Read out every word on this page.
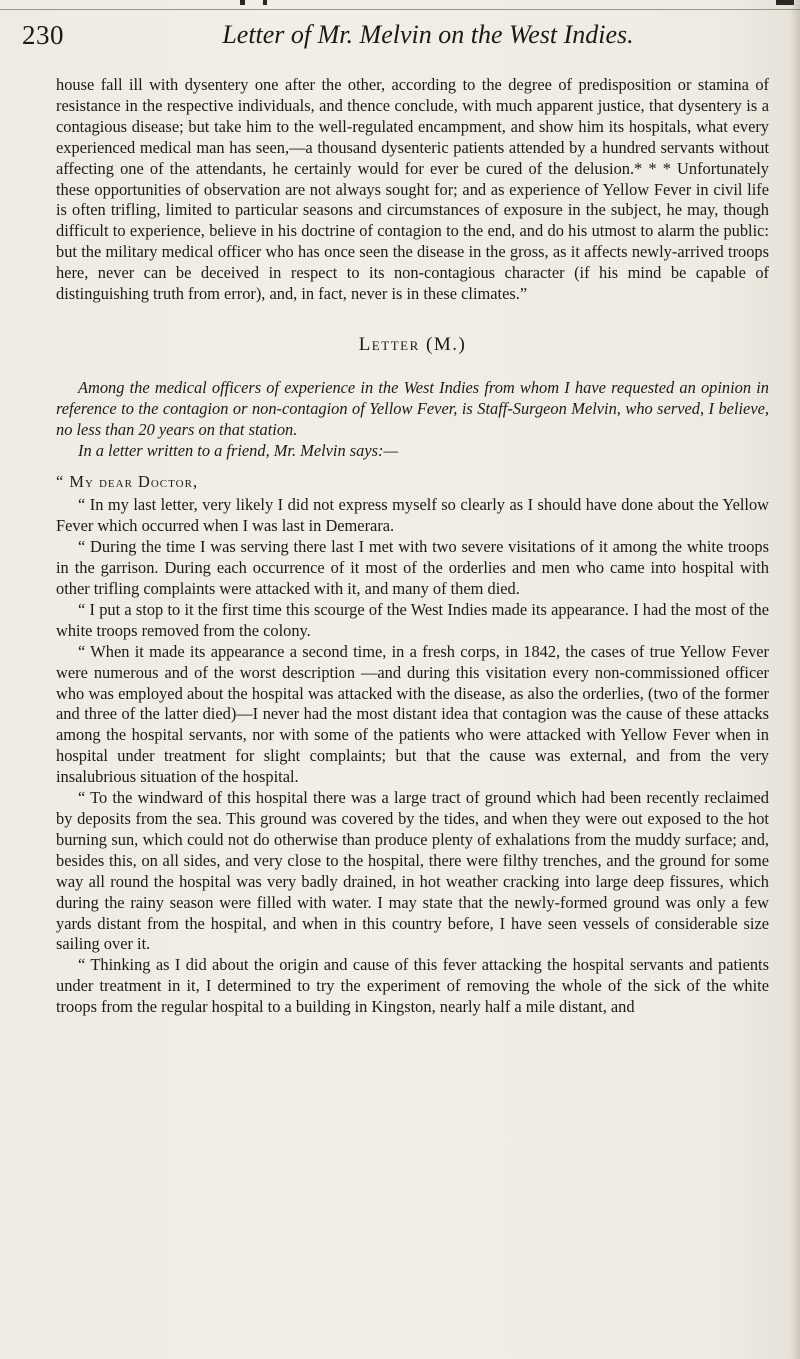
230	Letter of Mr. Melvin on the West Indies.

house fall ill with dysentery one after the other, according to the degree of predisposition or stamina of resistance in the respective individuals, and thence conclude, with much apparent justice, that dysentery is a contagious disease; but take him to the well-regulated encampment, and show him its hospitals, what every experienced medical man has seen,—a thousand dysenteric patients attended by a hundred servants without affecting one of the attendants, he certainly would for ever be cured of the delusion.* * * Unfortunately these opportunities of observation are not always sought for; and as experience of Yellow Fever in civil life is often trifling, limited to particular seasons and circumstances of exposure in the subject, he may, though difficult to experience, believe in his doctrine of contagion to the end, and do his utmost to alarm the public: but the military medical officer who has once seen the disease in the gross, as it affects newly-arrived troops here, never can be deceived in respect to its non-contagious character (if his mind be capable of distinguishing truth from error), and, in fact, never is in these climates.”

Letter (M.)

Among the medical officers of experience in the West Indies from whom I have requested an opinion in reference to the contagion or non-contagion of Yellow Fever, is Staff-Surgeon Melvin, who served, I believe, no less than 20 years on that station.

In a letter written to a friend, Mr. Melvin says:—

“ My dear Doctor,

“ In my last letter, very likely I did not express myself so clearly as I should have done about the Yellow Fever which occurred when I was last in Demerara.

“ During the time I was serving there last I met with two severe visitations of it among the white troops in the garrison. During each occurrence of it most of the orderlies and men who came into hospital with other trifling complaints were attacked with it, and many of them died.

“ I put a stop to it the first time this scourge of the West Indies made its appearance. I had the most of the white troops removed from the colony.

“ When it made its appearance a second time, in a fresh corps, in 1842, the cases of true Yellow Fever were numerous and of the worst description —and during this visitation every non-commissioned officer who was employed about the hospital was attacked with the disease, as also the orderlies, (two of the former and three of the latter died)—I never had the most distant idea that contagion was the cause of these attacks among the hospital servants, nor with some of the patients who were attacked with Yellow Fever when in hospital under treatment for slight complaints; but that the cause was external, and from the very insalubrious situation of the hospital.

“ To the windward of this hospital there was a large tract of ground which had been recently reclaimed by deposits from the sea. This ground was covered by the tides, and when they were out exposed to the hot burning sun, which could not do otherwise than produce plenty of exhalations from the muddy surface; and, besides this, on all sides, and very close to the hospital, there were filthy trenches, and the ground for some way all round the hospital was very badly drained, in hot weather cracking into large deep fissures, which during the rainy season were filled with water. I may state that the newly-formed ground was only a few yards distant from the hospital, and when in this country before, I have seen vessels of considerable size sailing over it.

“ Thinking as I did about the origin and cause of this fever attacking the hospital servants and patients under treatment in it, I determined to try the experiment of removing the whole of the sick of the white troops from the regular hospital to a building in Kingston, nearly half a mile distant, and
